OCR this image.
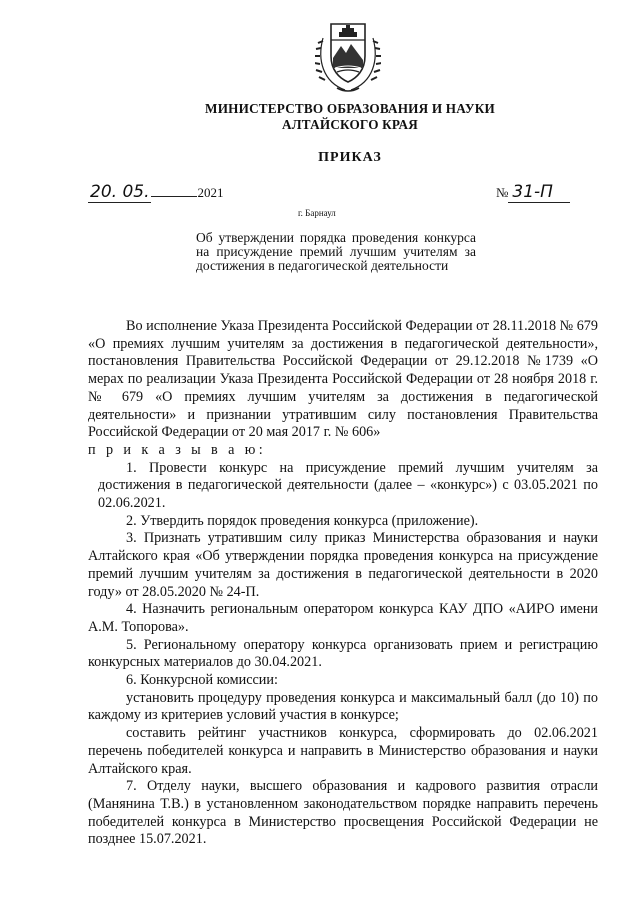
МИНИСТЕРСТВО ОБРАЗОВАНИЯ И НАУКИ
АЛТАЙСКОГО КРАЯ
ПРИКАЗ
20. 05.	2021	№ 31-П
г. Барнаул
Об утверждении порядка проведения конкурса на присуждение премий лучшим учителям за достижения в педагогической деятельности

Во исполнение Указа Президента Российской Федерации от 28.11.2018 № 679 «О премиях лучшим учителям за достижения в педагогической деятельности», постановления Правительства Российской Федерации от 29.12.2018 №1739 «О мерах по реализации Указа Президента Российской Федерации от 28 ноября 2018 г. № 679 «О премиях лучшим учителям за достижения в педагогической деятельности» и признании утратившим силу постановления Правительства Российской Федерации от 20 мая 2017 г. № 606»

п р и к а з ы в а ю:

1. Провести конкурс на присуждение премий лучшим учителям за достижения в педагогической деятельности (далее – «конкурс») с 03.05.2021 по 02.06.2021.

2. Утвердить порядок проведения конкурса (приложение).

3. Признать утратившим силу приказ Министерства образования и науки Алтайского края «Об утверждении порядка проведения конкурса на присуждение премий лучшим учителям за достижения в педагогической деятельности в 2020 году» от 28.05.2020 № 24-П.

4. Назначить региональным оператором конкурса КАУ ДПО «АИРО имени А.М. Топорова».

5. Региональному оператору конкурса организовать прием и регистрацию конкурсных материалов до 30.04.2021.

6. Конкурсной комиссии:

установить процедуру проведения конкурса и максимальный балл (до 10) по каждому из критериев условий участия в конкурсе;

составить рейтинг участников конкурса, сформировать до 02.06.2021 перечень победителей конкурса и направить в Министерство образования и науки Алтайского края.

7. Отделу науки, высшего образования и кадрового развития отрасли (Манянина Т.В.) в установленном законодательством порядке направить перечень победителей конкурса в Министерство просвещения Российской Федерации не позднее 15.07.2021.
